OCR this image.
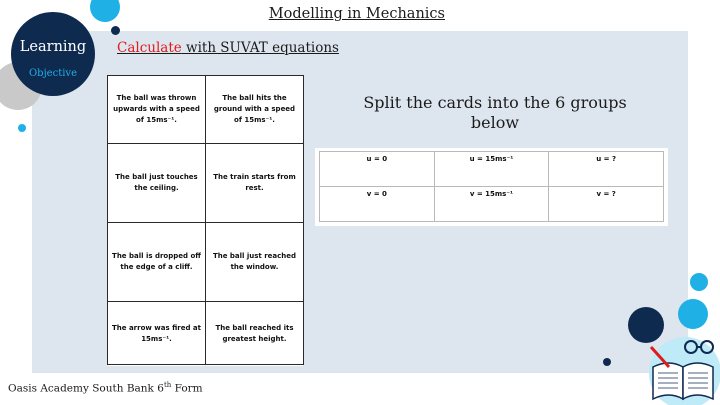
Learning
Objective
Modelling in Mechanics
Calculate with SUVAT equations
The ball was thrown upwards with a speed of 15ms⁻¹.
The ball hits the ground with a speed of 15ms⁻¹.
The ball just touches the ceiling.
The train starts from rest.
The ball is dropped off the edge of a cliff.
The ball just reached the window.
The arrow was fired at 15ms⁻¹.
The ball reached its greatest height.
Split the cards into the 6 groups below
u = 0	u = 15ms⁻¹	u = ?
v = 0	v = 15ms⁻¹	v = ?
Oasis Academy South Bank 6th Form
